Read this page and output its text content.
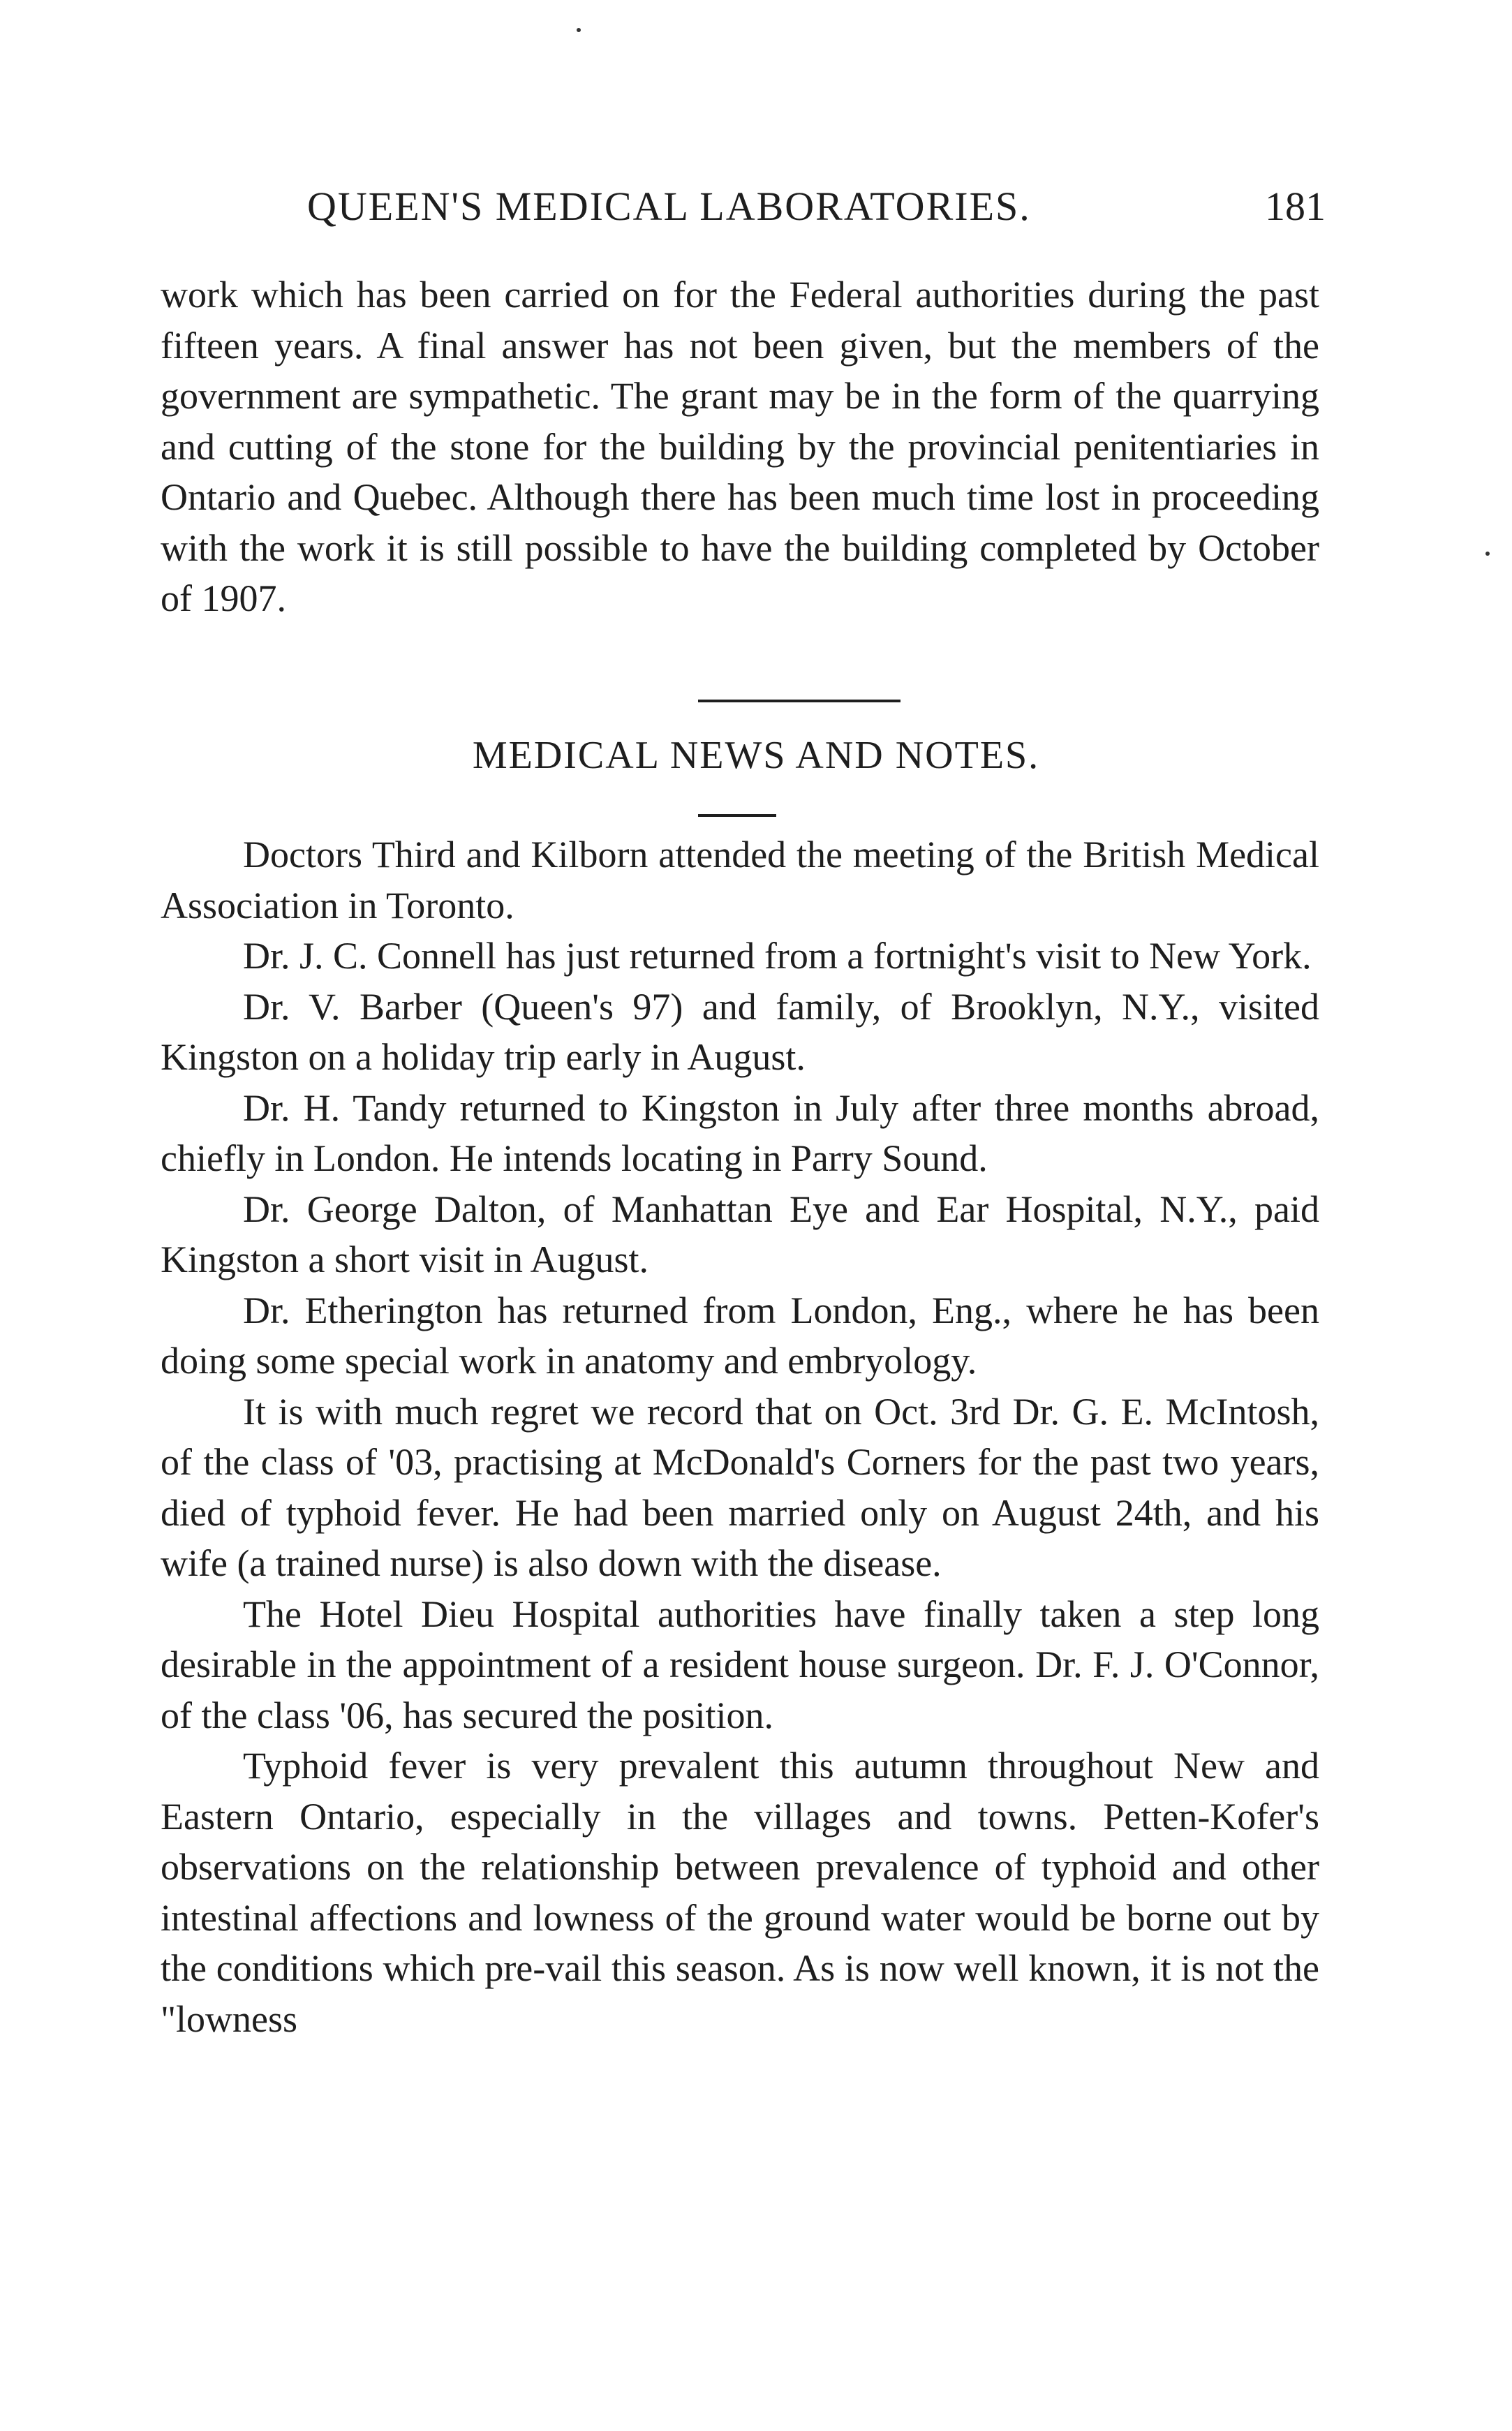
QUEEN'S MEDICAL LABORATORIES.	181

work which has been carried on for the Federal authorities during the past fifteen years. A final answer has not been given, but the members of the government are sympathetic. The grant may be in the form of the quarrying and cutting of the stone for the building by the provincial penitentiaries in Ontario and Quebec. Although there has been much time lost in proceeding with the work it is still possible to have the building completed by October of 1907.

MEDICAL NEWS AND NOTES.

Doctors Third and Kilborn attended the meeting of the British Medical Association in Toronto.

Dr. J. C. Connell has just returned from a fortnight's visit to New York.

Dr. V. Barber (Queen's 97) and family, of Brooklyn, N.Y., visited Kingston on a holiday trip early in August.

Dr. H. Tandy returned to Kingston in July after three months abroad, chiefly in London. He intends locating in Parry Sound.

Dr. George Dalton, of Manhattan Eye and Ear Hospital, N.Y., paid Kingston a short visit in August.

Dr. Etherington has returned from London, Eng., where he has been doing some special work in anatomy and embryology.

It is with much regret we record that on Oct. 3rd Dr. G. E. McIntosh, of the class of '03, practising at McDonald's Corners for the past two years, died of typhoid fever. He had been married only on August 24th, and his wife (a trained nurse) is also down with the disease.

The Hotel Dieu Hospital authorities have finally taken a step long desirable in the appointment of a resident house surgeon. Dr. F. J. O'Connor, of the class '06, has secured the position.

Typhoid fever is very prevalent this autumn throughout New and Eastern Ontario, especially in the villages and towns. Petten-Kofer's observations on the relationship between prevalence of typhoid and other intestinal affections and lowness of the ground water would be borne out by the conditions which pre-vail this season. As is now well known, it is not the "lowness
